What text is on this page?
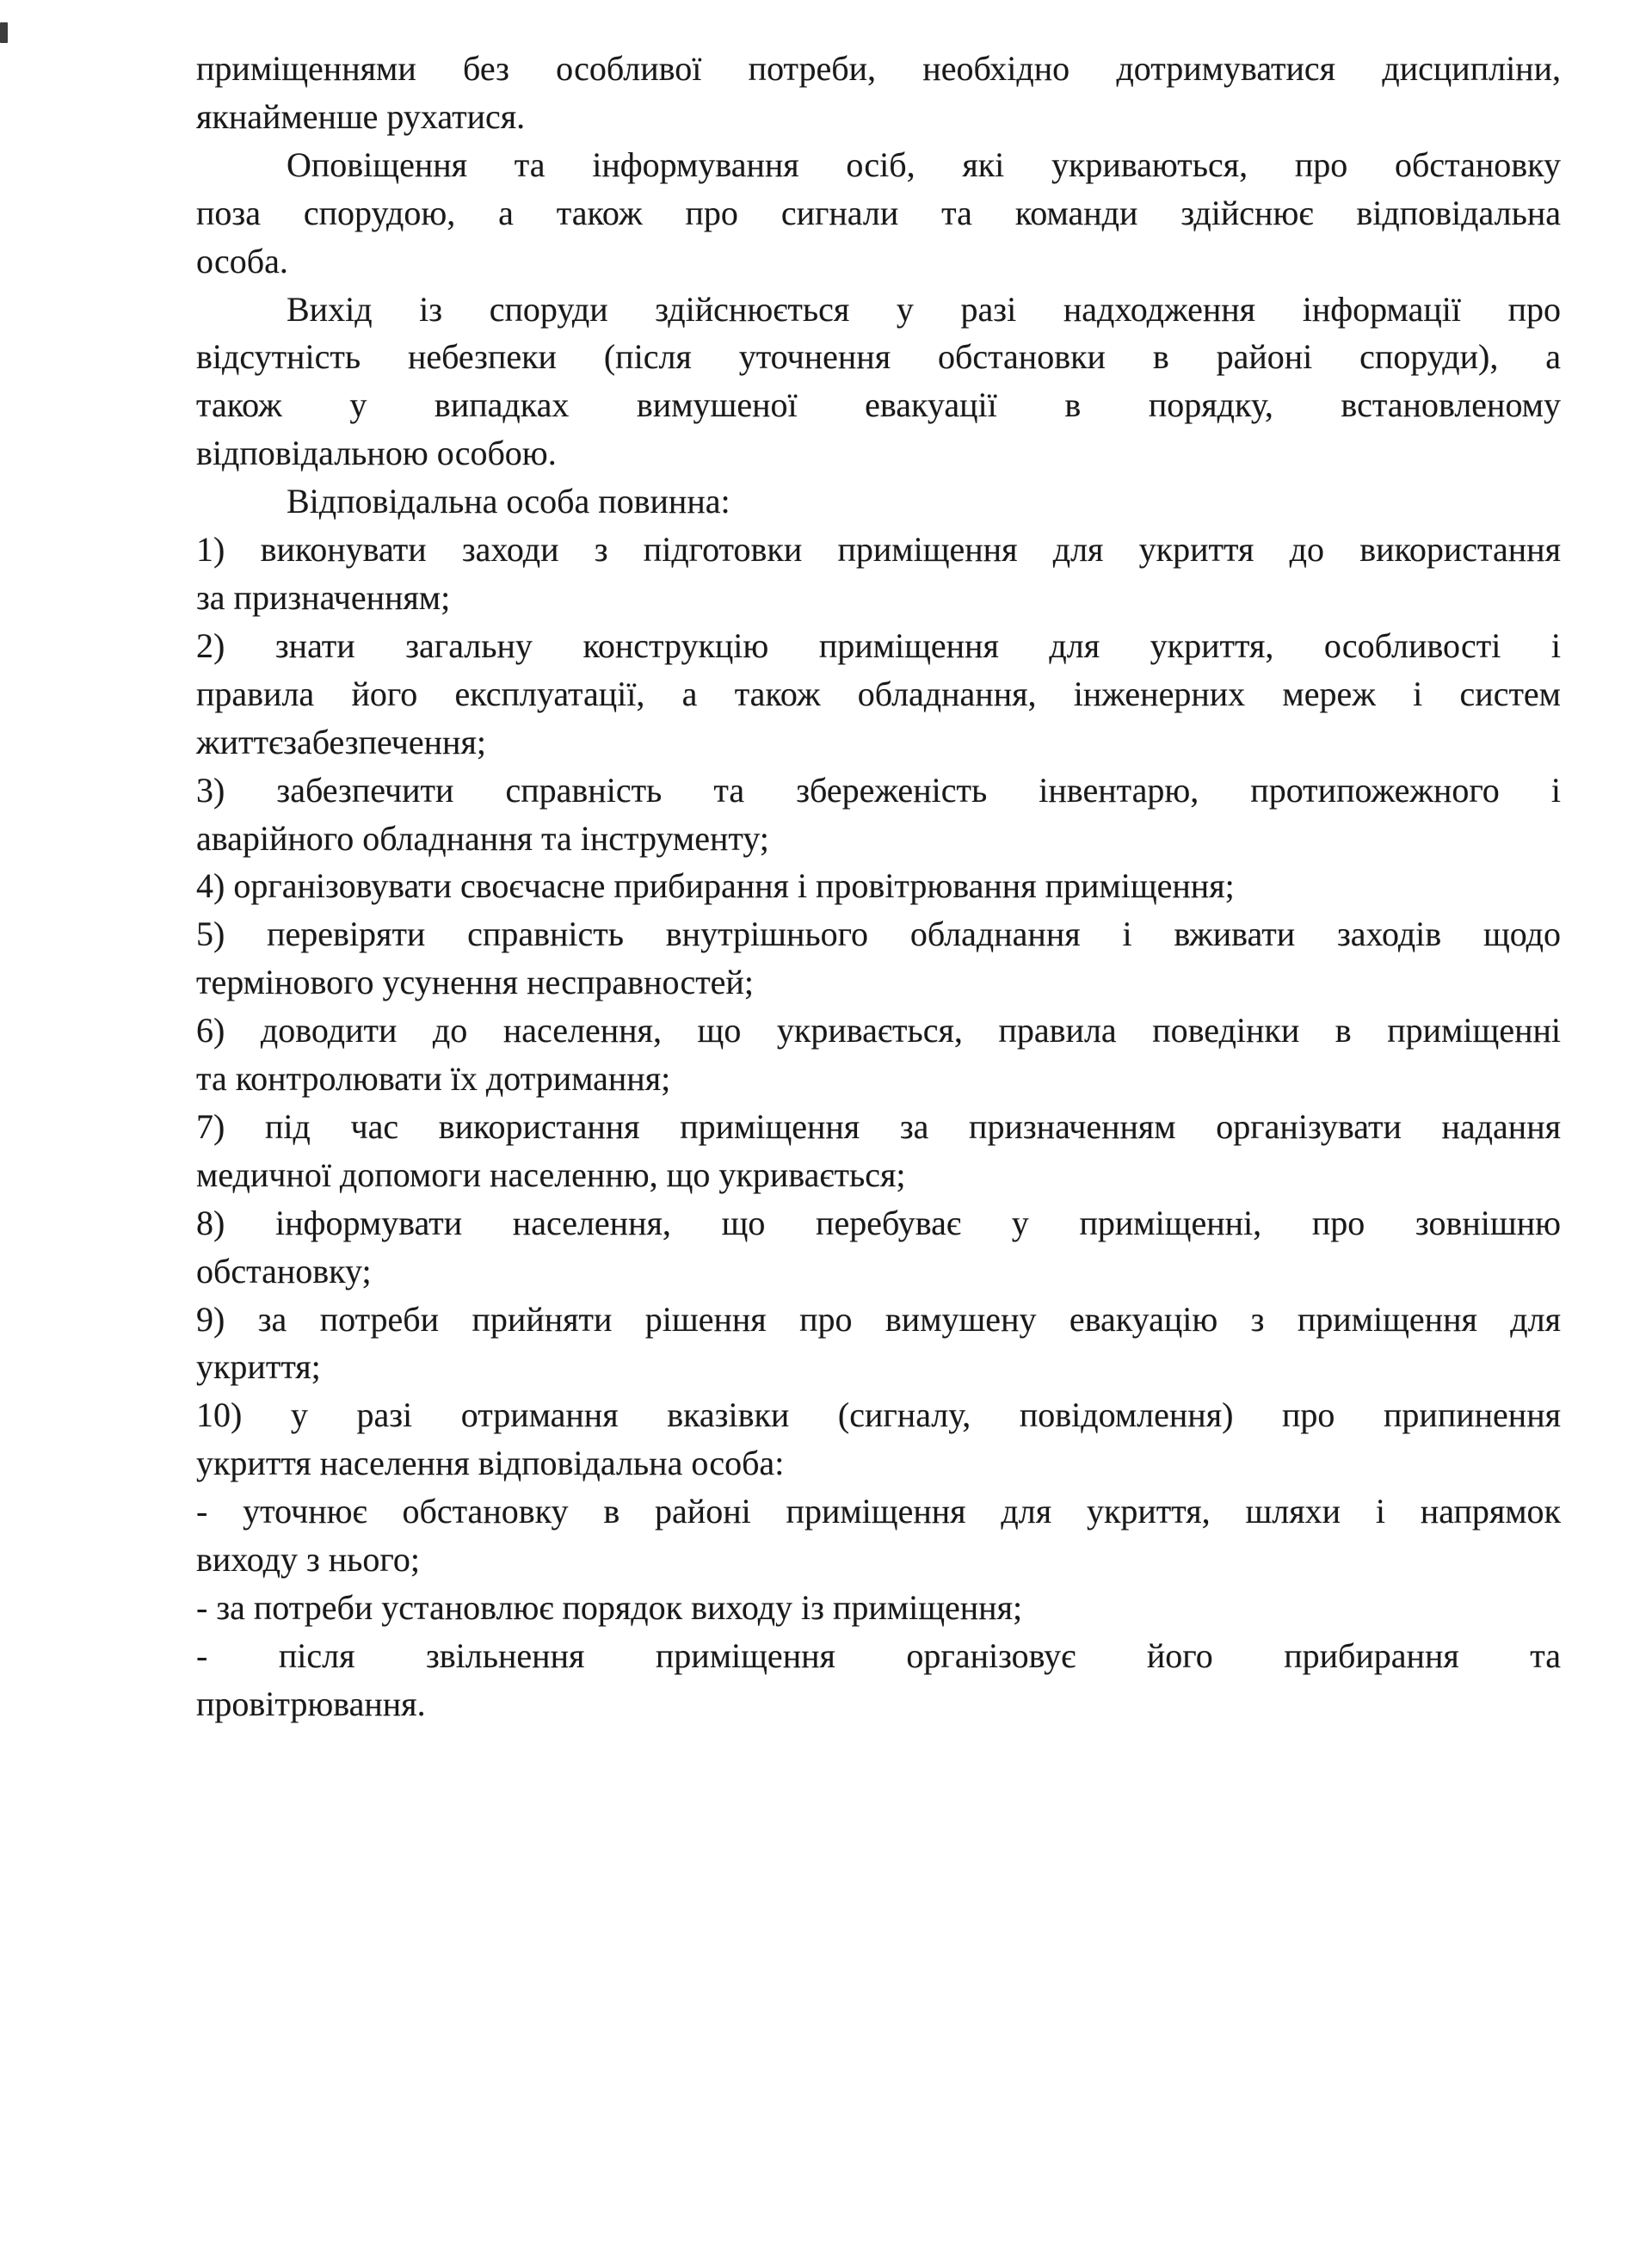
приміщеннями без особливої потреби, необхідно дотримуватися дисципліни,
якнайменше рухатися.
Оповіщення та інформування осіб, які укриваються, про обстановку
поза спорудою, а також про сигнали та команди здійснює відповідальна
особа.
Вихід із споруди здійснюється у разі надходження інформації про
відсутність небезпеки (після уточнення обстановки в районі споруди), а
також у випадках вимушеної евакуації в порядку, встановленому
відповідальною особою.
Відповідальна особа повинна:
1) виконувати заходи з підготовки приміщення для укриття до використання
за призначенням;
2) знати загальну конструкцію приміщення для укриття, особливості і
правила його експлуатації, а також обладнання, інженерних мереж і систем
життєзабезпечення;
3) забезпечити справність та збереженість інвентарю, протипожежного і
аварійного обладнання та інструменту;
4) організовувати своєчасне прибирання і провітрювання приміщення;
5) перевіряти справність внутрішнього обладнання і вживати заходів щодо
термінового усунення несправностей;
6) доводити до населення, що укривається, правила поведінки в приміщенні
та контролювати їх дотримання;
7) під час використання приміщення за призначенням організувати надання
медичної допомоги населенню, що укривається;
8) інформувати населення, що перебуває у приміщенні, про зовнішню
обстановку;
9) за потреби прийняти рішення про вимушену евакуацію з приміщення для
укриття;
10) у разі отримання вказівки (сигналу, повідомлення) про припинення
укриття населення відповідальна особа:
- уточнює обстановку в районі приміщення для укриття, шляхи і напрямок
виходу з нього;
- за потреби установлює порядок виходу із приміщення;
- після звільнення приміщення організовує його прибирання та
провітрювання.
